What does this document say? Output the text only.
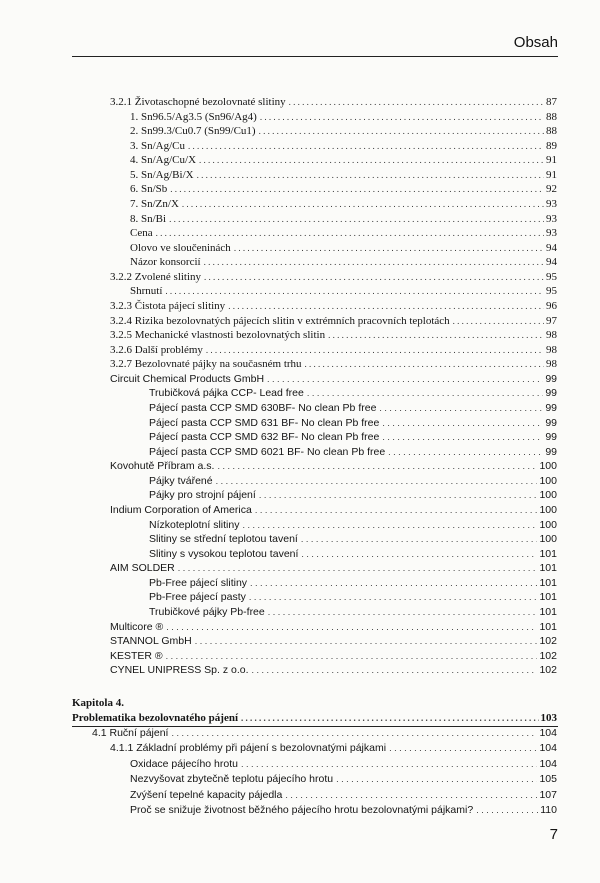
Obsah
3.2.1 Životaschopné bezolovnaté slitiny . . .	87
1. Sn96.5/Ag3.5 (Sn96/Ag4) . . .	88
2. Sn99.3/Cu0.7 (Sn99/Cu1) . . .	88
3. Sn/Ag/Cu . . .	89
4. Sn/Ag/Cu/X . . .	91
5. Sn/Ag/Bi/X . . .	91
6. Sn/Sb . . .	92
7. Sn/Zn/X . . .	93
8. Sn/Bi . . .	93
Cena . . .	93
Olovo ve sloučeninách . . .	94
Názor konsorcií . . .	94
3.2.2 Zvolené slitiny . . .	95
Shrnutí . . .	95
3.2.3 Čistota pájecí slitiny . . .	96
3.2.4 Rizika bezolovnatých pájecích slitin v extrémních pracovních teplotách . . .	97
3.2.5 Mechanické vlastnosti bezolovnatých slitin . . .	98
3.2.6 Další problémy . . .	98
3.2.7 Bezolovnaté pájky na současném trhu . . .	98
Circuit Chemical Products GmbH . . .	99
Trubičková pájka CCP- Lead free . . .	99
Pájecí pasta CCP SMD 630BF- No clean Pb free . . .	99
Pájecí pasta CCP SMD 631 BF- No clean Pb free . . .	99
Pájecí pasta CCP SMD 632 BF- No clean Pb free . . .	99
Pájecí pasta CCP SMD 6021 BF- No clean Pb free . . .	99
Kovohutě Příbram a.s. . . .	100
Pájky tvářené . . .	100
Pájky pro strojní pájení . . .	100
Indium Corporation of America . . .	100
Nízkoteplotní slitiny . . .	100
Slitiny se střední teplotou tavení . . .	100
Slitiny s vysokou teplotou tavení . . .	101
AIM SOLDER . . .	101
Pb-Free pájecí slitiny . . .	101
Pb-Free pájecí pasty . . .	101
Trubičkové pájky Pb-free . . .	101
Multicore ® . . .	101
STANNOL GmbH . . .	102
KESTER ® . . .	102
CYNEL UNIPRESS Sp. z o.o. . . .	102
Kapitola 4.
Problematika bezolovnatého pájení . . .	103
4.1 Ruční pájení . . .	104
4.1.1 Základní problémy při pájení s bezolovnatými pájkami . . .	104
Oxidace pájecího hrotu . . .	104
Nezvyšovat zbytečně teplotu pájecího hrotu . . .	105
Zvýšení tepelné kapacity pájedla . . .	107
Proč se snižuje životnost běžného pájecího hrotu bezolovnatými pájkami? . . .	110
7
